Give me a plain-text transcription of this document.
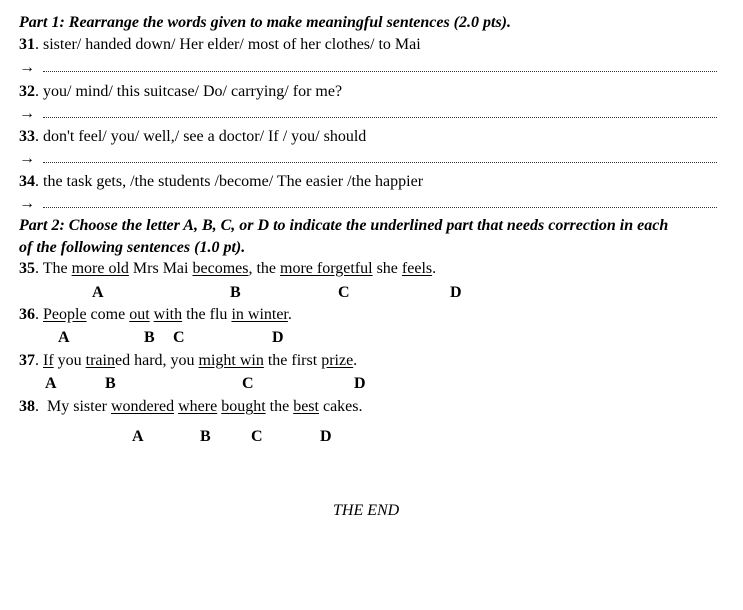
Part 1: Rearrange the words given to make meaningful sentences (2.0 pts).
31. sister/ handed down/ Her elder/ most of her clothes/ to Mai
→
32. you/ mind/ this suitcase/ Do/ carrying/ for me?
→
33. don't feel/ you/ well,/ see a doctor/ If / you/ should
→
34. the task gets, /the students /become/ The easier /the happier
→
Part 2: Choose the letter A, B, C, or D to indicate the underlined part that needs correction in each
of the following sentences (1.0 pt).
35. The more old Mrs Mai becomes, the more forgetful she feels.
A	B	C	D
36. People come out with the flu in winter.
A	B C	D
37. If you trained hard, you might win the first prize.
A	B	C	D
38.  My sister wondered where bought the best cakes.
A	B	C	D
THE END
